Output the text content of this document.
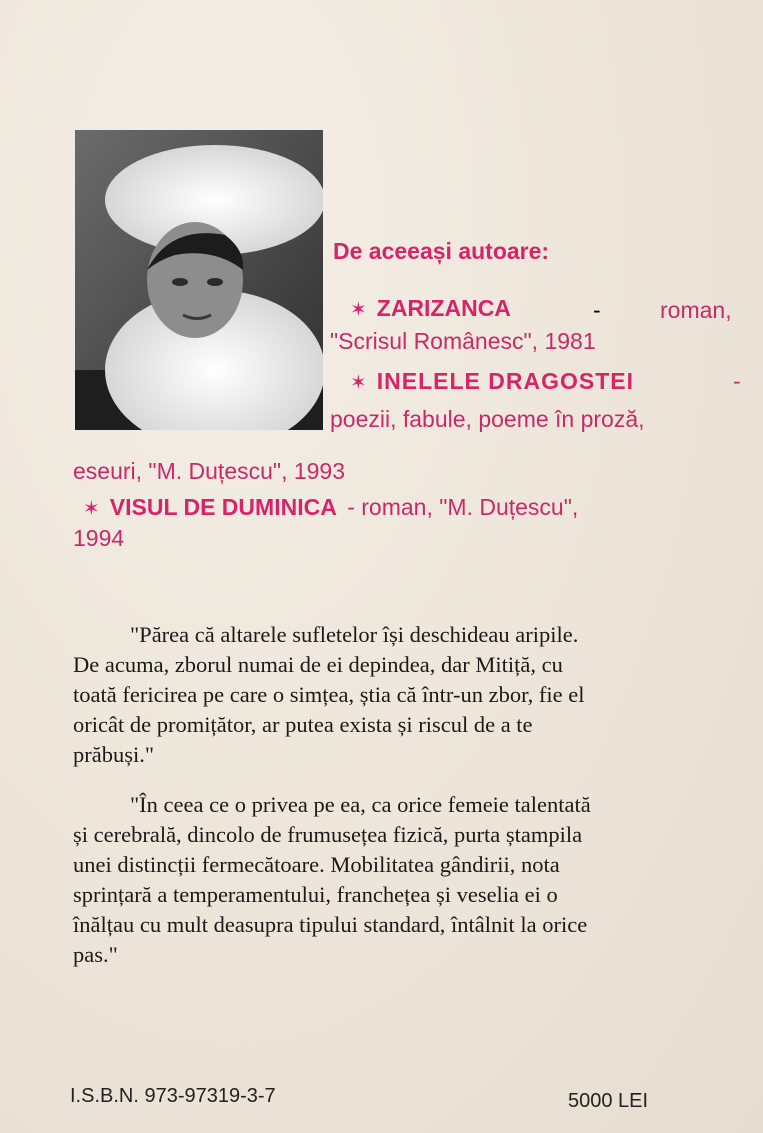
De aceeași autoare:
✶ ZARIZANCA	-	roman,
"Scrisul Românesc", 1981
✶ INELELE DRAGOSTEI	-
poezii, fabule, poeme în proză,
eseuri, "M. Duțescu", 1993
✶ VISUL DE DUMINICA - roman, "M. Duțescu",
1994
"Părea că altarele sufletelor își deschideau aripile.
De acuma, zborul numai de ei depindea, dar Mitiță, cu
toată fericirea pe care o simțea, știa că într-un zbor, fie el
oricât de promițător, ar putea exista și riscul de a te
prăbuși."
"În ceea ce o privea pe ea, ca orice femeie talentată
și cerebrală, dincolo de frumusețea fizică, purta ștampila
unei distincții fermecătoare. Mobilitatea gândirii, nota
sprințară a temperamentului, franchețea și veselia ei o
înălțau cu mult deasupra tipului standard, întâlnit la orice
pas."
I.S.B.N. 973-97319-3-7	5000 LEI
